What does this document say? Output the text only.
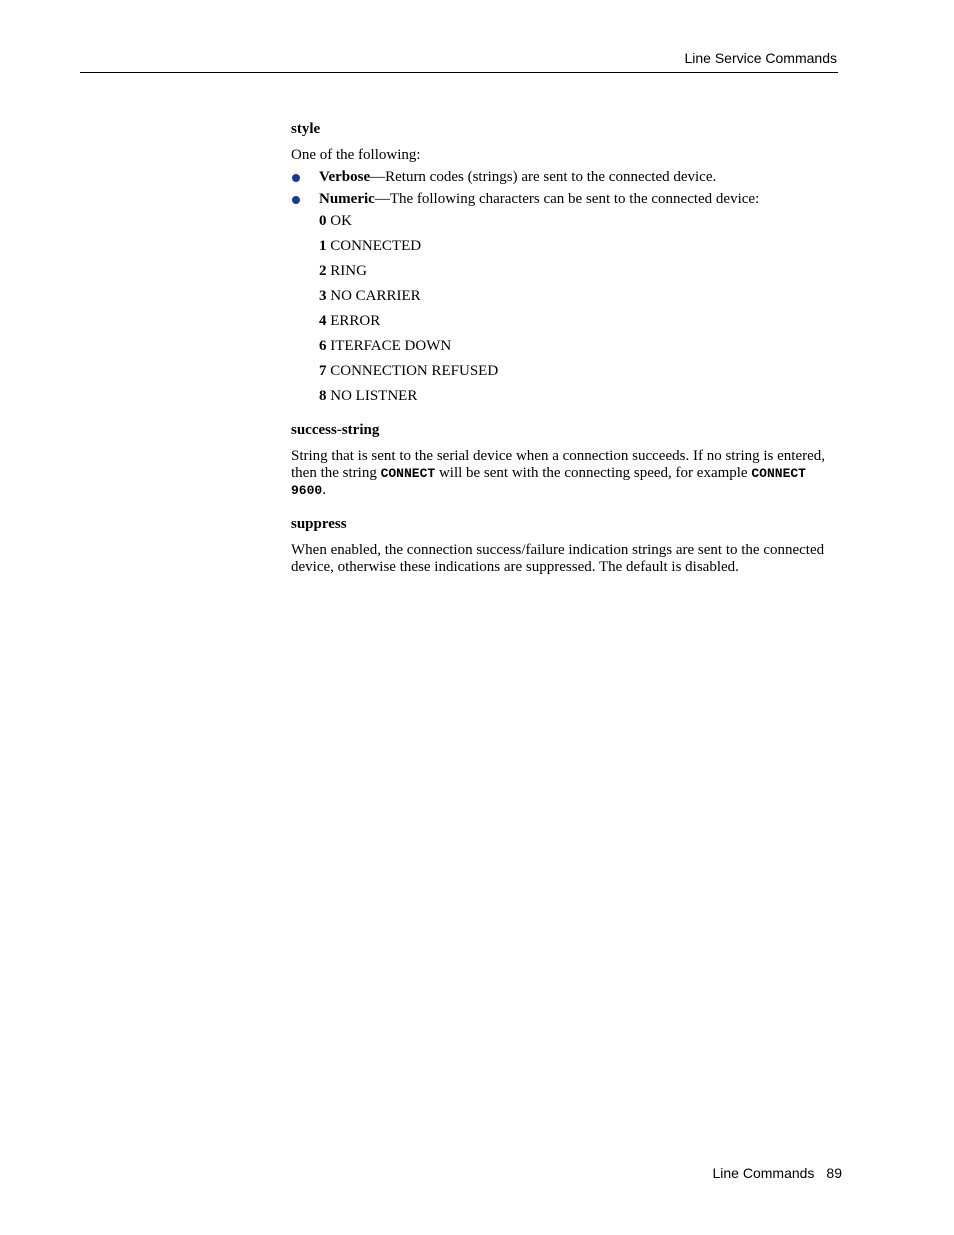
Line Service Commands
style
One of the following:
Verbose—Return codes (strings) are sent to the connected device.
Numeric—The following characters can be sent to the connected device:
0 OK
1 CONNECTED
2 RING
3 NO CARRIER
4 ERROR
6 ITERFACE DOWN
7 CONNECTION REFUSED
8 NO LISTNER
success-string
String that is sent to the serial device when a connection succeeds. If no string is entered, then the string CONNECT will be sent with the connecting speed, for example CONNECT 9600.
suppress
When enabled, the connection success/failure indication strings are sent to the connected device, otherwise these indications are suppressed. The default is disabled.
Line Commands 89
